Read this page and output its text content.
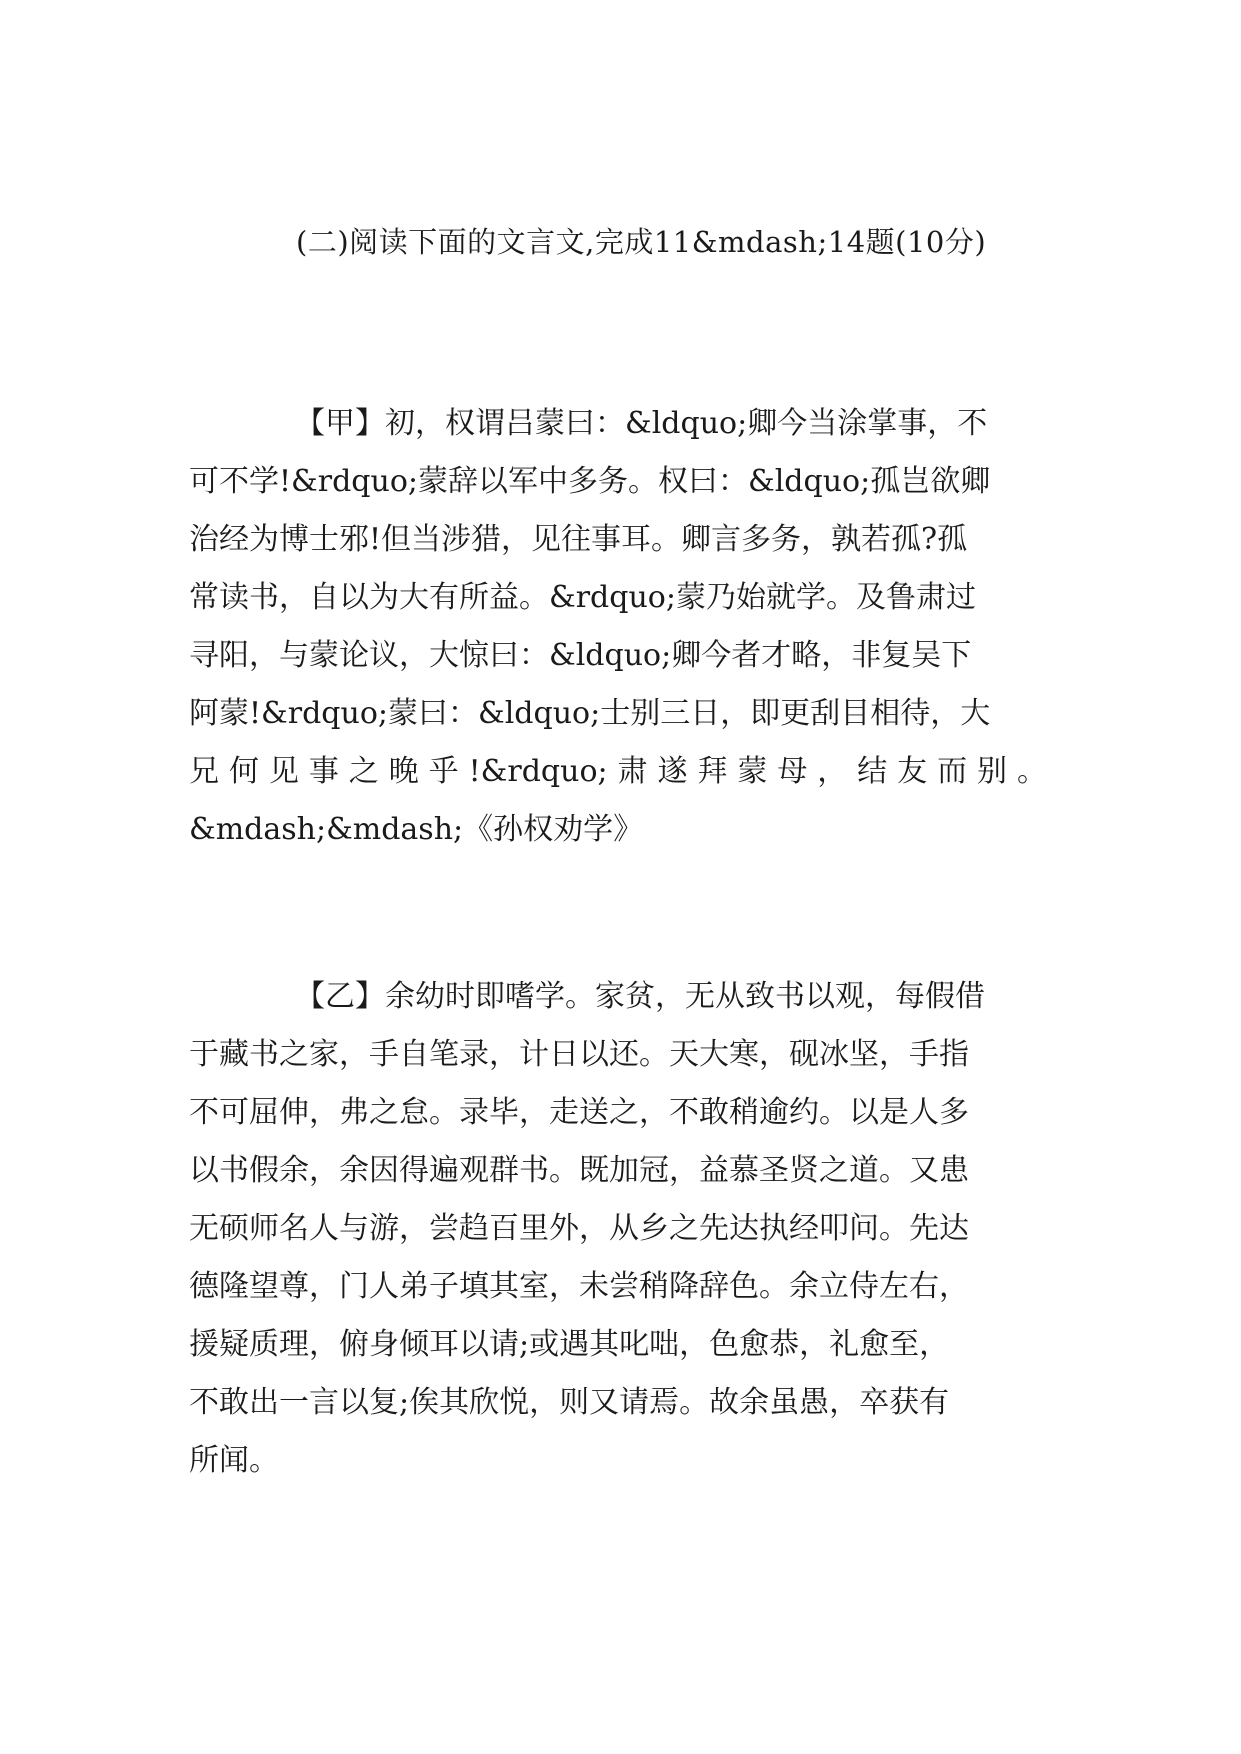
(二)阅读下面的文言文,完成11&mdash;14题(10分)
【甲】初，权谓吕蒙曰：&ldquo;卿今当涂掌事，不
可不学!&rdquo;蒙辞以军中多务。权曰：&ldquo;孤岂欲卿
治经为博士邪!但当涉猎，见往事耳。卿言多务，孰若孤?孤
常读书，自以为大有所益。&rdquo;蒙乃始就学。及鲁肃过
寻阳，与蒙论议，大惊曰：&ldquo;卿今者才略，非复吴下
阿蒙!&rdquo;蒙曰：&ldquo;士别三日，即更刮目相待，大
兄何见事之晚乎!&rdquo;肃遂拜蒙母，结友而别。
&mdash;&mdash;《孙权劝学》
【乙】余幼时即嗜学。家贫，无从致书以观，每假借
于藏书之家，手自笔录，计日以还。天大寒，砚冰坚，手指
不可屈伸，弗之怠。录毕，走送之，不敢稍逾约。以是人多
以书假余，余因得遍观群书。既加冠，益慕圣贤之道。又患
无硕师名人与游，尝趋百里外，从乡之先达执经叩问。先达
德隆望尊，门人弟子填其室，未尝稍降辞色。余立侍左右，
援疑质理，俯身倾耳以请;或遇其叱咄，色愈恭，礼愈至，
不敢出一言以复;俟其欣悦，则又请焉。故余虽愚，卒获有
所闻。
